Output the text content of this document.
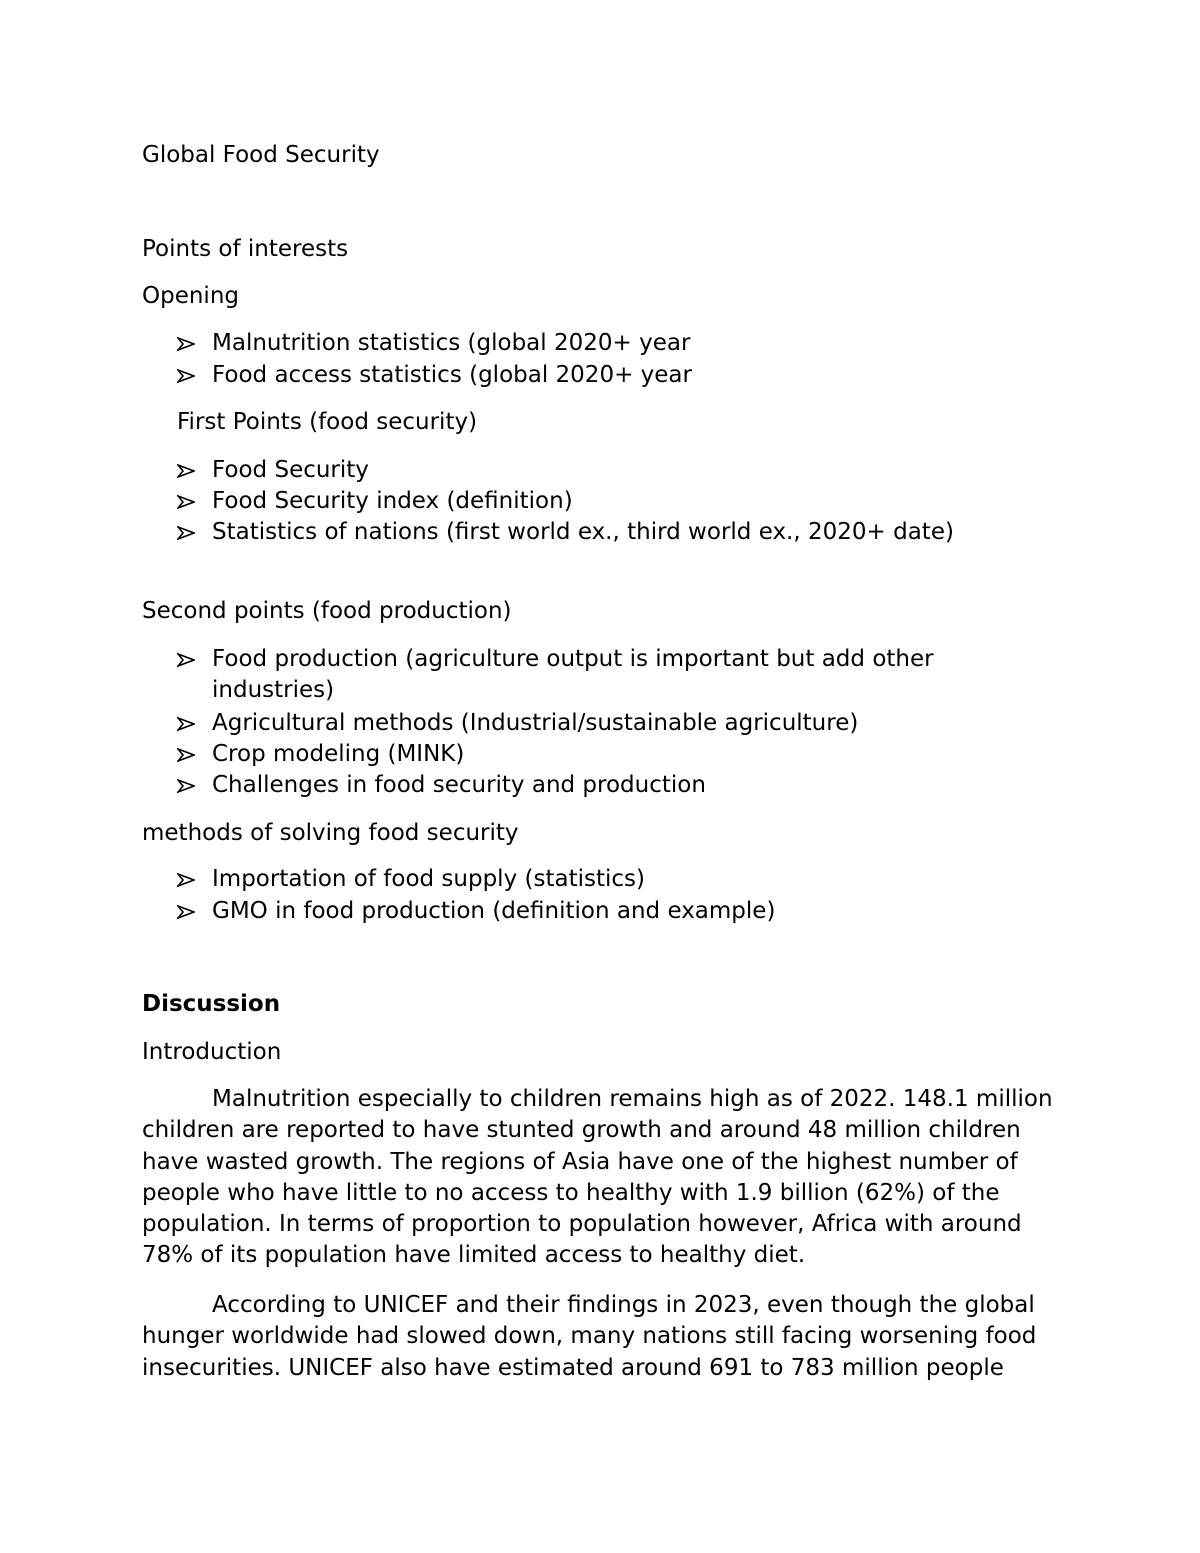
Global Food Security
Points of interests
Opening
Malnutrition statistics (global 2020+ year
Food access statistics (global 2020+ year
First Points (food security)
Food Security
Food Security index (definition)
Statistics of nations (first world ex., third world ex., 2020+ date)
Second points (food production)
Food production (agriculture output is important but add other
industries)
Agricultural methods (Industrial/sustainable agriculture)
Crop modeling (MINK)
Challenges in food security and production
methods of solving food security
Importation of food supply (statistics)
GMO in food production (definition and example)
Discussion
Introduction

Malnutrition especially to children remains high as of 2022. 148.1 million children are reported to have stunted growth and around 48 million children have wasted growth. The regions of Asia have one of the highest number of people who have little to no access to healthy with 1.9 billion (62%) of the population. In terms of proportion to population however, Africa with around 78% of its population have limited access to healthy diet.

According to UNICEF and their findings in 2023, even though the global hunger worldwide had slowed down, many nations still facing worsening food insecurities. UNICEF also have estimated around 691 to 783 million people
